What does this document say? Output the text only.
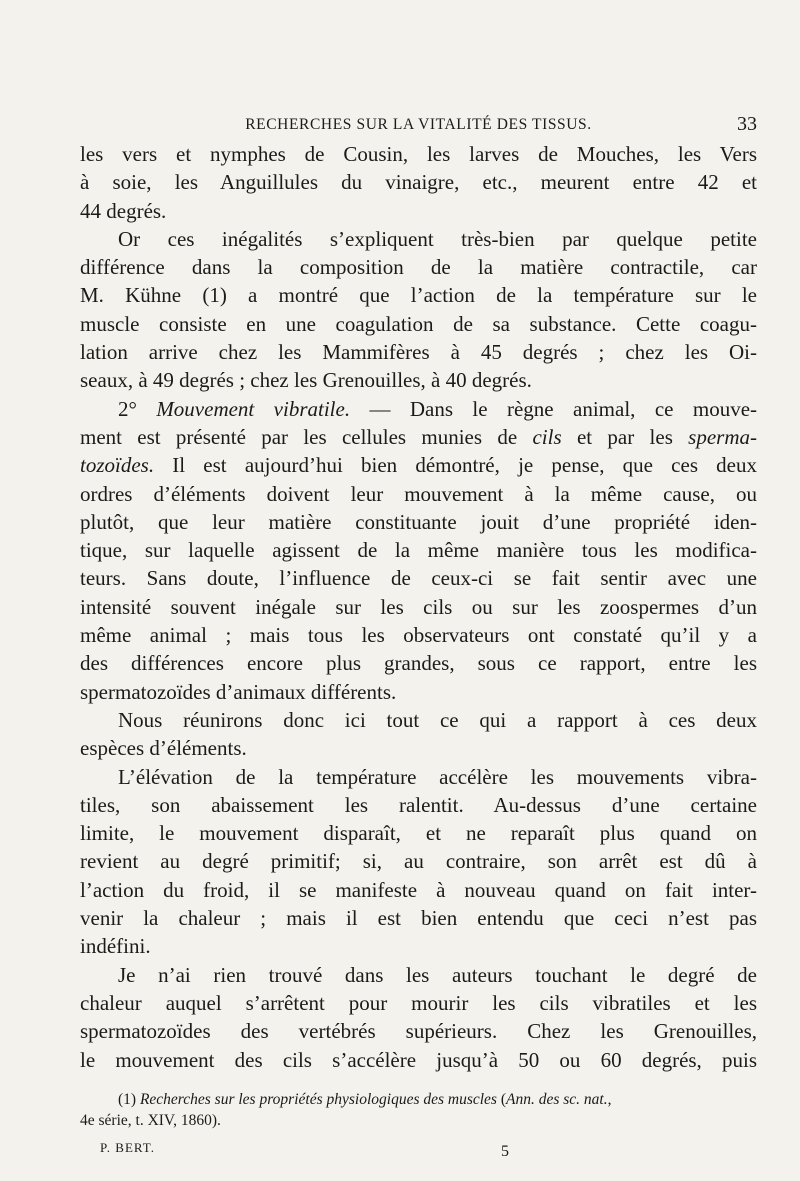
RECHERCHES SUR LA VITALITÉ DES TISSUS.	33
les vers et nymphes de Cousin, les larves de Mouches, les Vers
à soie, les Anguillules du vinaigre, etc., meurent entre 42 et
44 degrés.
Or ces inégalités s’expliquent très-bien par quelque petite
différence dans la composition de la matière contractile, car
M. Kühne (1) a montré que l’action de la température sur le
muscle consiste en une coagulation de sa substance. Cette coagu-
lation arrive chez les Mammifères à 45 degrés ; chez les Oi-
seaux, à 49 degrés ; chez les Grenouilles, à 40 degrés.
2° Mouvement vibratile. — Dans le règne animal, ce mouve-
ment est présenté par les cellules munies de cils et par les sperma-
tozoïdes. Il est aujourd’hui bien démontré, je pense, que ces deux
ordres d’éléments doivent leur mouvement à la même cause, ou
plutôt, que leur matière constituante jouit d’une propriété iden-
tique, sur laquelle agissent de la même manière tous les modifica-
teurs. Sans doute, l’influence de ceux-ci se fait sentir avec une
intensité souvent inégale sur les cils ou sur les zoospermes d’un
même animal ; mais tous les observateurs ont constaté qu’il y a
des différences encore plus grandes, sous ce rapport, entre les
spermatozoïdes d’animaux différents.
Nous réunirons donc ici tout ce qui a rapport à ces deux
espèces d’éléments.
L’élévation de la température accélère les mouvements vibra-
tiles, son abaissement les ralentit. Au-dessus d’une certaine
limite, le mouvement disparaît, et ne reparaît plus quand on
revient au degré primitif; si, au contraire, son arrêt est dû à
l’action du froid, il se manifeste à nouveau quand on fait inter-
venir la chaleur ; mais il est bien entendu que ceci n’est pas
indéfini.
Je n’ai rien trouvé dans les auteurs touchant le degré de
chaleur auquel s’arrêtent pour mourir les cils vibratiles et les
spermatozoïdes des vertébrés supérieurs. Chez les Grenouilles,
le mouvement des cils s’accélère jusqu’à 50 ou 60 degrés, puis
(1) Recherches sur les propriétés physiologiques des muscles (Ann. des sc. nat.,
4e série, t. XIV, 1860).
P. BERT.	5
